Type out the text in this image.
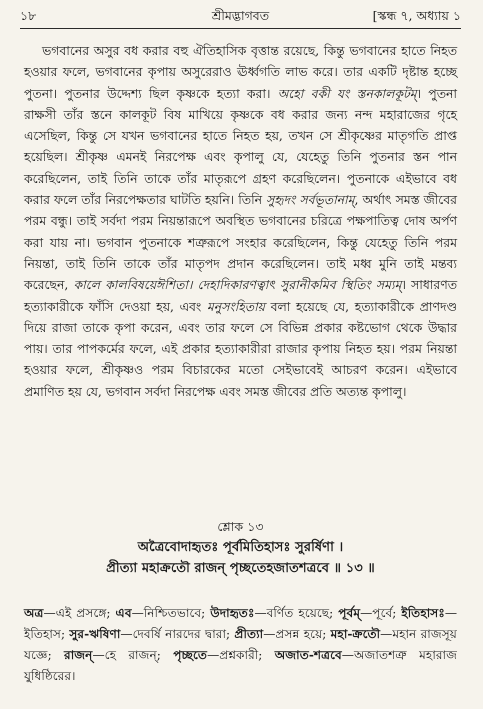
১৮	শ্রীমদ্ভাগবত	[স্কন্ধ ৭, অধ্যায় ১
ভগবানের অসুর বধ করার বহু ঐতিহাসিক বৃত্তান্ত রয়েছে, কিন্তু ভগবানের হাতে নিহত হওয়ার ফলে, ভগবানের কৃপায় অসুরেরাও ঊর্ধ্বগতি লাভ করে। তার একটি দৃষ্টান্ত হচ্ছে পুতনা। পুতনার উদ্দেশ্য ছিল কৃষ্ণকে হত্যা করা। অহো বকী যং স্তনকালকূটম্‌। পুতনা রাক্ষসী তাঁর স্তনে কালকূট বিষ মাখিয়ে কৃষ্ণকে বধ করার জন্য নন্দ মহারাজের গৃহে এসেছিল, কিন্তু সে যখন ভগবানের হাতে নিহত হয়, তখন সে শ্রীকৃষ্ণের মাতৃগতি প্রাপ্ত হয়েছিল। শ্রীকৃষ্ণ এমনই নিরপেক্ষ এবং কৃপালু যে, যেহেতু তিনি পুতনার স্তন পান করেছিলেন, তাই তিনি তাকে তাঁর মাতৃরূপে গ্রহণ করেছিলেন। পুতনাকে এইভাবে বধ করার ফলে তাঁর নিরপেক্ষতার ঘাটতি হয়নি। তিনি সুহৃদং সর্বভূতানাম্‌, অর্থাৎ সমস্ত জীবের পরম বন্ধু। তাই সর্বদা পরম নিয়ন্তারূপে অবস্থিত ভগবানের চরিত্রে পক্ষপাতিত্ব দোষ অর্পণ করা যায় না। ভগবান পুতনাকে শত্রুরূপে সংহার করেছিলেন, কিন্তু যেহেতু তিনি পরম নিয়ন্তা, তাই তিনি তাকে তাঁর মাতৃপদ প্রদান করেছিলেন। তাই মধ্ব মুনি তাই মন্তব্য করেছেন, কালে কালবিষয়েঈশিতা। দেহাদিকারণত্বাৎ সুরানীকমিব স্থিতিং সম্যম্‌। সাধারণত হত্যাকারীকে ফাঁসি দেওয়া হয়, এবং মনুসংহিতায় বলা হয়েছে যে, হত্যাকারীকে প্রাণদণ্ড দিয়ে রাজা তাকে কৃপা করেন, এবং তার ফলে সে বিভিন্ন প্রকার কষ্টভোগ থেকে উদ্ধার পায়। তার পাপকর্মের ফলে, এই প্রকার হত্যাকারীরা রাজার কৃপায় নিহত হয়। পরম নিয়ন্তা হওয়ার ফলে, শ্রীকৃষ্ণও পরম বিচারকের মতো সেইভাবেই আচরণ করেন। এইভাবে প্রমাণিত হয় যে, ভগবান সর্বদা নিরপেক্ষ এবং সমস্ত জীবের প্রতি অত্যন্ত কৃপালু।
শ্লোক ১৩
অত্রৈবোদাহৃতঃ পূর্বমিতিহাসঃ সুরর্ষিণা ।
প্রীত্যা মহাক্রতৌ রাজন্‌ পৃচ্ছতেহজাতশত্রবে ॥ ১৩ ॥
অত্র—এই প্রসঙ্গে; এব—নিশ্চিতভাবে; উদাহৃতঃ—বর্ণিত হয়েছে; পূর্বম্‌—পূর্বে; ইতিহাসঃ—ইতিহাস; সুর-ঋষিণা—দেবর্ষি নারদের দ্বারা; প্রীত্যা—প্রসন্ন হয়ে; মহা-ক্রতৌ—মহান রাজসূয় যজ্ঞে; রাজন্‌—হে রাজন্‌; পৃচ্ছতে—প্রশ্নকারী; অজাত-শত্রবে—অজাতশত্রু মহারাজ যুধিষ্ঠিরের।
